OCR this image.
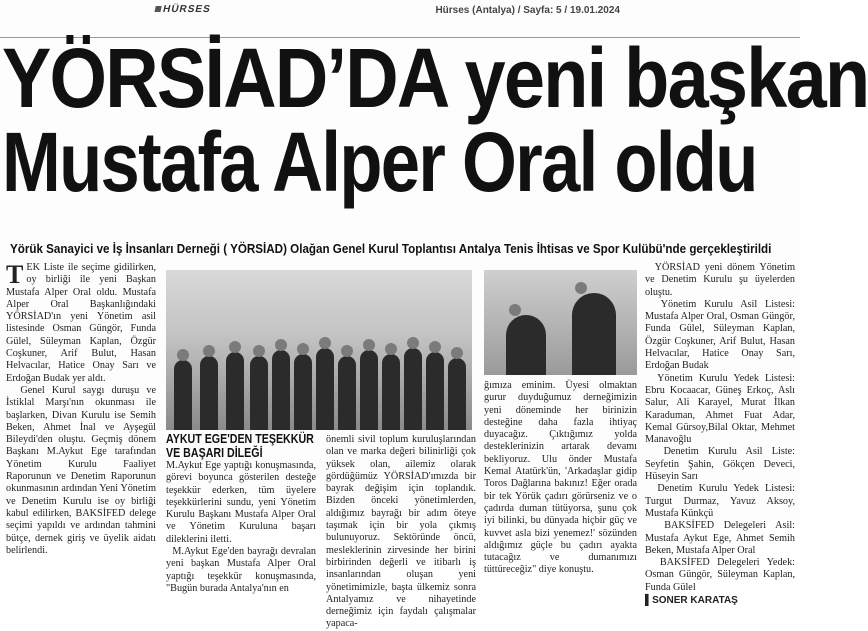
HÜRSES	Hürses (Antalya) / Sayfa: 5 / 19.01.2024
YÖRSİAD’DA yeni başkan
Mustafa Alper Oral oldu
Yörük Sanayici ve İş İnsanları Derneği ( YÖRSİAD) Olağan Genel Kurul Toplantısı Antalya Tenis İhtisas ve Spor Kulübü'nde gerçekleştirildi
T EK Liste ile seçime gidilirken, oy birliği ile yeni Başkan Mustafa Alper Oral oldu. Mustafa Alper Oral Başkanlığındaki YÖRSİAD'ın yeni Yönetim asil listesinde Osman Güngör, Funda Gülel, Süleyman Kaplan, Özgür Coşkuner, Arif Bulut, Hasan Helvacılar, Hatice Onay Sarı ve Erdoğan Budak yer aldı.
Genel Kurul saygı duruşu ve İstiklal Marşı'nın okunması ile başlarken, Divan Kurulu ise Semih Beken, Ahmet İnal ve Ayşegül Bileydi'den oluştu. Geçmiş dönem Başkanı M.Aykut Ege tarafından Yönetim Kurulu Faaliyet Raporunun ve Denetim Raporunun okunmasının ardından Yeni Yönetim ve Denetim Kurulu ise oy birliği kabul edilirken, BAKSİFED delege seçimi yapıldı ve ardından tahmini bütçe, dernek giriş ve üyelik aidatı belirlendi.
AYKUT EGE'DEN TEŞEKKÜR VE BAŞARI DİLEĞİ
M.Aykut Ege yaptığı konuşmasında, görevi boyunca gösterilen desteğe teşekkür ederken, tüm üyelere teşekkürlerini sundu, yeni Yönetim Kurulu Başkanı Mustafa Alper Oral ve Yönetim Kuruluna başarı dileklerini iletti.
M.Aykut Ege'den bayrağı devralan yeni başkan Mustafa Alper Oral yaptığı teşekkür konuşmasında, "Bugün burada Antalya'nın en
önemli sivil toplum kuruluşlarından olan ve marka değeri bilinirliği çok yüksek olan, ailemiz olarak gördüğümüz YÖRSİAD'ımızda bir bayrak değişim için toplandık. Bizden önceki yönetimlerden, aldığımız bayrağı bir adım öteye taşımak için bir yola çıkmış bulunuyoruz. Sektöründe öncü, mesleklerinin zirvesinde her birini birbirinden değerli ve itibarlı iş insanlarından oluşan yeni yönetimimizle, başta ülkemiz sonra Antalyamız ve nihayetinde derneğimiz için faydalı çalışmalar yapaca-
ğımıza eminim. Üyesi olmaktan gurur duyduğumuz derneğimizin yeni döneminde her birinizin desteğine daha fazla ihtiyaç duyacağız. Çıktığımız yolda desteklerinizin artarak devamı bekliyoruz. Ulu önder Mustafa Kemal Atatürk'ün, 'Arkadaşlar gidip Toros Dağlarına bakınız! Eğer orada bir tek Yörük çadırı görürseniz ve o çadırda duman tütüyorsa, şunu çok iyi bilinki, bu dünyada hiçbir güç ve kuvvet asla bizi yenemez!' sözünden aldığımız güçle bu çadırı ayakta tutacağız ve dumanımızı tüttüreceğiz" diye konuştu.
YÖRSİAD yeni dönem Yönetim ve Denetim Kurulu şu üyelerden oluştu.
Yönetim Kurulu Asil Listesi: Mustafa Alper Oral, Osman Güngör, Funda Gülel, Süleyman Kaplan, Özgür Coşkuner, Arif Bulut, Hasan Helvacılar, Hatice Onay Sarı, Erdoğan Budak
Yönetim Kurulu Yedek Listesi: Ebru Kocaacar, Güneş Erkoç, Aslı Salur, Ali Karayel, Murat İlkan Karaduman, Ahmet Fuat Adar, Kemal Gürsoy,Bilal Oktar, Mehmet Manavoğlu
Denetim Kurulu Asil Liste: Seyfetin Şahin, Gökçen Deveci, Hüseyin Sarı
Denetim Kurulu Yedek Listesi: Turgut Durmaz, Yavuz Aksoy, Mustafa Künkçü
BAKSİFED Delegeleri Asil: Mustafa Aykut Ege, Ahmet Semih Beken, Mustafa Alper Oral
BAKSİFED Delegeleri Yedek: Osman Güngör, Süleyman Kaplan, Funda Gülel
▌SONER KARATAŞ
